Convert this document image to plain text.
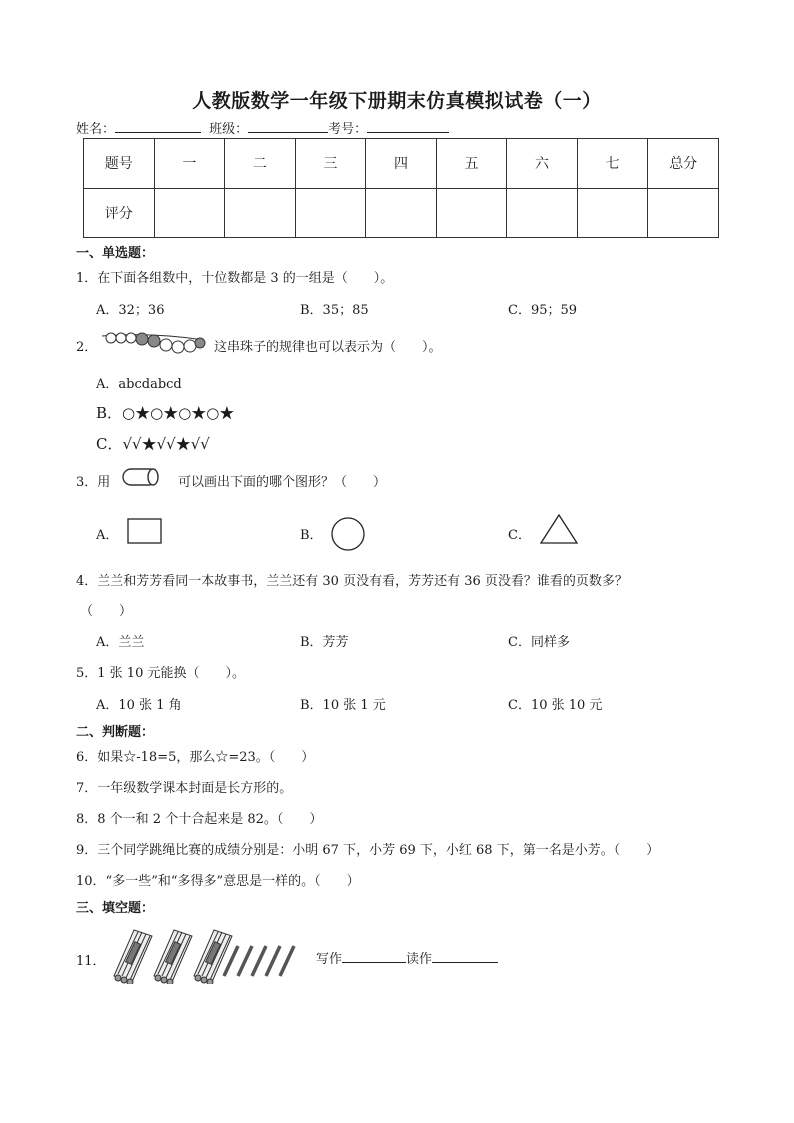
人教版数学一年级下册期末仿真模拟试卷（一）
姓名：	班级：	考号：
题号	一	二	三	四	五	六	七	总分
评分								
一、单选题：
1．在下面各组数中，十位数都是 3 的一组是（　　）。
A．32；36	B．35；85	C．95；59
2．	这串珠子的规律也可以表示为（　　）。
A．abcdabcd
B．○★○★○★○★
C．√√★√√★√√
3．用	可以画出下面的哪个图形？（　　）
A．	B．	C．
4．兰兰和芳芳看同一本故事书，兰兰还有 30 页没有看，芳芳还有 36 页没看？谁看的页数多？
（　　）
A．兰兰	B．芳芳	C．同样多
5．1 张 10 元能换（　　）。
A．10 张 1 角	B．10 张 1 元	C．10 张 10 元
二、判断题：
6．如果☆-18=5，那么☆=23。（　　）
7．一年级数学课本封面是长方形的。
8．8 个一和 2 个十合起来是 82。（　　）
9．三个同学跳绳比赛的成绩分别是：小明 67 下，小芳 69 下，小红 68 下，第一名是小芳。（　　）
10．“多一些”和“多得多”意思是一样的。（　　）
三、填空题：
11．	写作	读作
